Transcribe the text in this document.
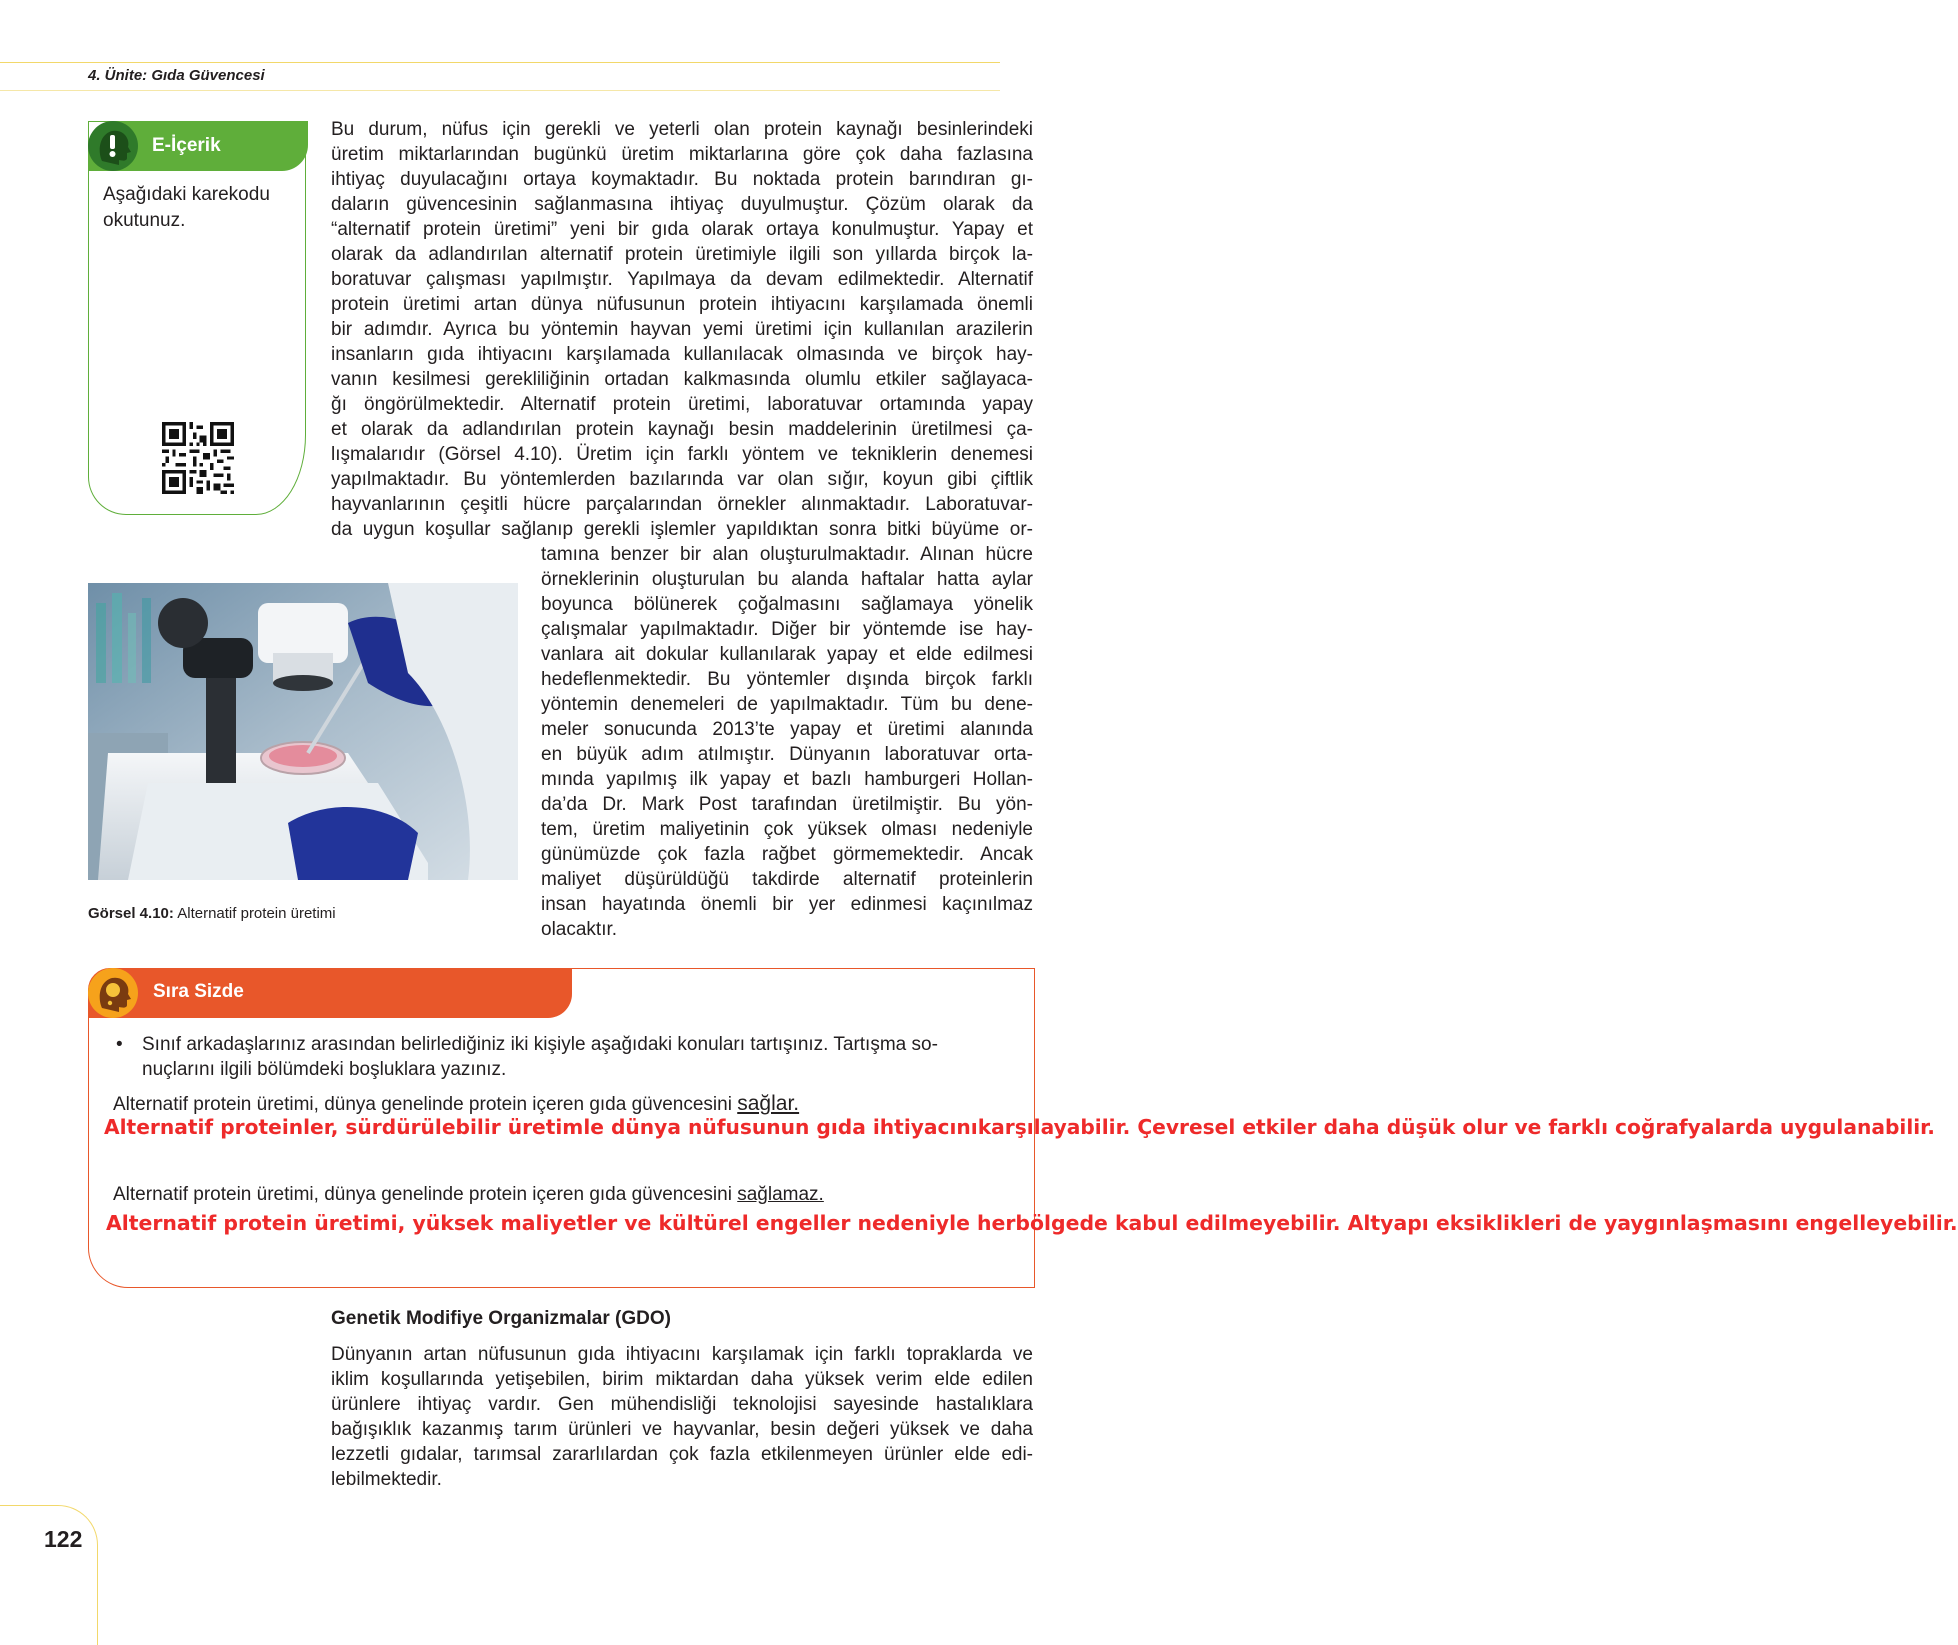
4. Ünite: Gıda Güvencesi
E-İçerik
Aşağıdaki karekodu okutunuz.
Bu durum, nüfus için gerekli ve yeterli olan protein kaynağı besinlerindeki
üretim miktarlarından bugünkü üretim miktarlarına göre çok daha fazlasına
ihtiyaç duyulacağını ortaya koymaktadır. Bu noktada protein barındıran gı-
daların güvencesinin sağlanmasına ihtiyaç duyulmuştur. Çözüm olarak da
“alternatif protein üretimi” yeni bir gıda olarak ortaya konulmuştur. Yapay et
olarak da adlandırılan alternatif protein üretimiyle ilgili son yıllarda birçok la-
boratuvar çalışması yapılmıştır. Yapılmaya da devam edilmektedir. Alternatif
protein üretimi artan dünya nüfusunun protein ihtiyacını karşılamada önemli
bir adımdır. Ayrıca bu yöntemin hayvan yemi üretimi için kullanılan arazilerin
insanların gıda ihtiyacını karşılamada kullanılacak olmasında ve birçok hay-
vanın kesilmesi gerekliliğinin ortadan kalkmasında olumlu etkiler sağlayaca-
ğı öngörülmektedir. Alternatif protein üretimi, laboratuvar ortamında yapay
et olarak da adlandırılan protein kaynağı besin maddelerinin üretilmesi ça-
lışmalarıdır (Görsel 4.10). Üretim için farklı yöntem ve tekniklerin denemesi
yapılmaktadır. Bu yöntemlerden bazılarında var olan sığır, koyun gibi çiftlik
hayvanlarının çeşitli hücre parçalarından örnekler alınmaktadır. Laboratuvar-
da uygun koşullar sağlanıp gerekli işlemler yapıldıktan sonra bitki büyüme or-
tamına benzer bir alan oluşturulmaktadır. Alınan hücre
örneklerinin oluşturulan bu alanda haftalar hatta aylar
boyunca bölünerek çoğalmasını sağlamaya yönelik
çalışmalar yapılmaktadır. Diğer bir yöntemde ise hay-
vanlara ait dokular kullanılarak yapay et elde edilmesi
hedeflenmektedir. Bu yöntemler dışında birçok farklı
yöntemin denemeleri de yapılmaktadır. Tüm bu dene-
meler sonucunda 2013’te yapay et üretimi alanında
en büyük adım atılmıştır. Dünyanın laboratuvar orta-
mında yapılmış ilk yapay et bazlı hamburgeri Hollan-
da’da Dr. Mark Post tarafından üretilmiştir. Bu yön-
tem, üretim maliyetinin çok yüksek olması nedeniyle
günümüzde çok fazla rağbet görmemektedir. Ancak
maliyet düşürüldüğü takdirde alternatif proteinlerin
insan hayatında önemli bir yer edinmesi kaçınılmaz
olacaktır.
Görsel 4.10: Alternatif protein üretimi
Sıra Sizde
• Sınıf arkadaşlarınız arasından belirlediğiniz iki kişiyle aşağıdaki konuları tartışınız. Tartışma so-
nuçlarını ilgili bölümdeki boşluklara yazınız.
Alternatif protein üretimi, dünya genelinde protein içeren gıda güvencesini sağlar.
Alternatif proteinler, sürdürülebilir üretimle dünya nüfusunun gıda ihtiyacınıkarşılayabilir. Çevresel etkiler daha düşük olur ve farklı coğrafyalarda uygulanabilir.
Alternatif protein üretimi, dünya genelinde protein içeren gıda güvencesini sağlamaz.
Alternatif protein üretimi, yüksek maliyetler ve kültürel engeller nedeniyle herbölgede kabul edilmeyebilir. Altyapı eksiklikleri de yaygınlaşmasını engelleyebilir.
Genetik Modifiye Organizmalar (GDO)
Dünyanın artan nüfusunun gıda ihtiyacını karşılamak için farklı topraklarda ve
iklim koşullarında yetişebilen, birim miktardan daha yüksek verim elde edilen
ürünlere ihtiyaç vardır. Gen mühendisliği teknolojisi sayesinde hastalıklara
bağışıklık kazanmış tarım ürünleri ve hayvanlar, besin değeri yüksek ve daha
lezzetli gıdalar, tarımsal zararlılardan çok fazla etkilenmeyen ürünler elde edi-
lebilmektedir.
122
